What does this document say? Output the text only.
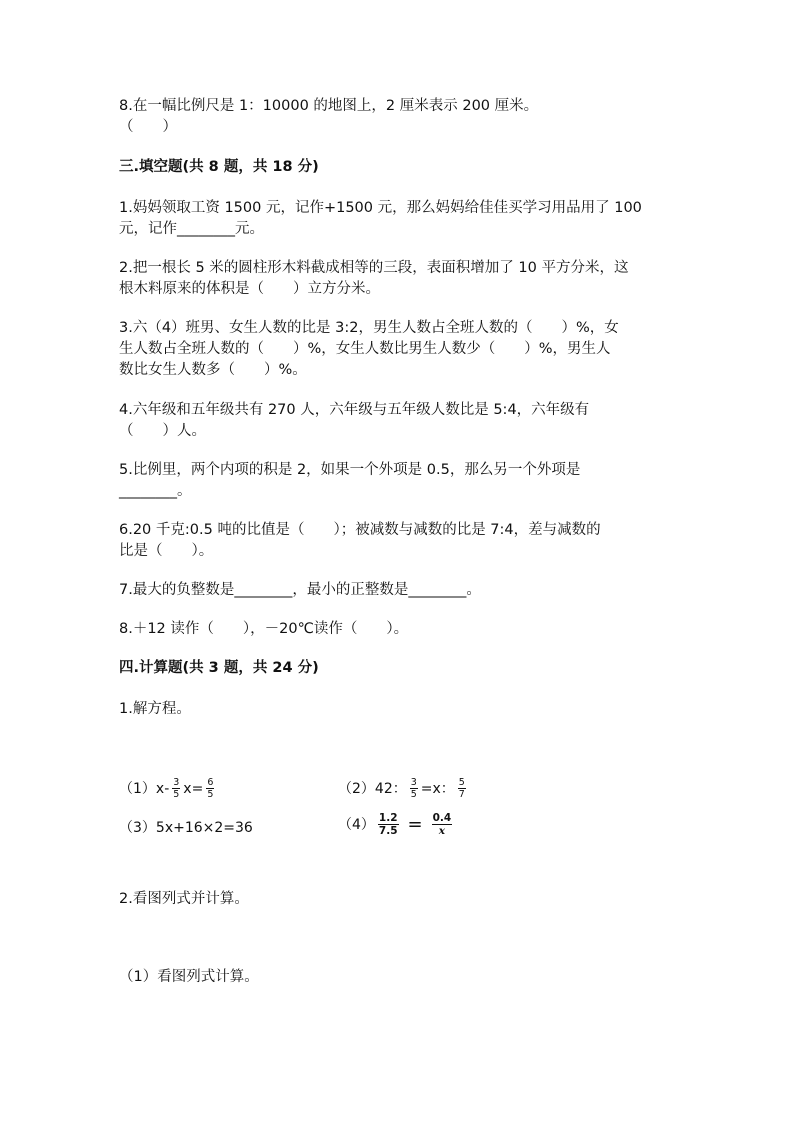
8.在一幅比例尺是 1：10000 的地图上，2 厘米表示 200 厘米。
（　　）
三.填空题(共 8 题，共 18 分)
1.妈妈领取工资 1500 元，记作+1500 元，那么妈妈给佳佳买学习用品用了 100
元，记作________元。
2.把一根长 5 米的圆柱形木料截成相等的三段，表面积增加了 10 平方分米，这
根木料原来的体积是（　　）立方分米。
3.六（4）班男、女生人数的比是 3:2，男生人数占全班人数的（　　）%，女
生人数占全班人数的（　　）%，女生人数比男生人数少（　　）%，男生人
数比女生人数多（　　）%。
4.六年级和五年级共有 270 人，六年级与五年级人数比是 5:4，六年级有
（　　）人。
5.比例里，两个内项的积是 2，如果一个外项是 0.5，那么另一个外项是
________。
6.20 千克:0.5 吨的比值是（　　）；被减数与减数的比是 7:4，差与减数的
比是（　　）。
7.最大的负整数是________，最小的正整数是________。
8.＋12 读作（　　），－20℃读作（　　）。
四.计算题(共 3 题，共 24 分)
1.解方程。
$(1)x- \frac{3}{5} x= \frac{6}{5}$	（2）42： $\frac{3}{5} =x$： $\frac{5}{7}$
（3）5x+16×2=36	$(4) \frac{1.2}{7.5} = \frac{0.4}{x}$
2.看图列式并计算。
（1）看图列式计算。
